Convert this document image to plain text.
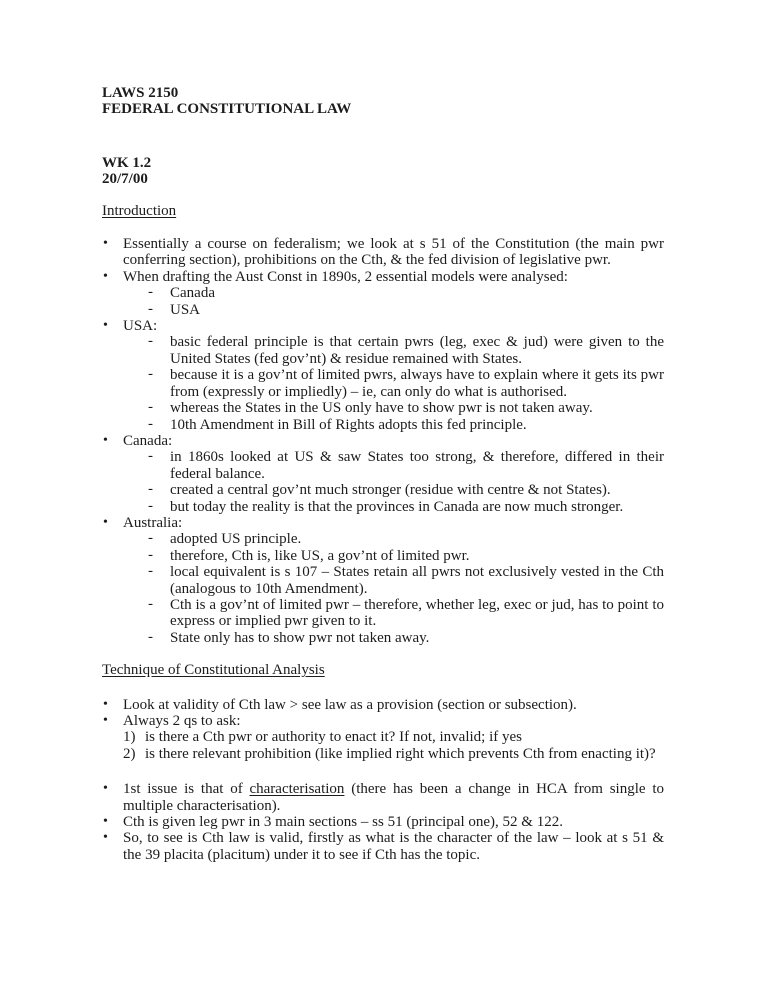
LAWS 2150

FEDERAL CONSTITUTIONAL LAW

WK 1.2

20/7/00

Introduction

• Essentially a course on federalism; we look at s 51 of the Constitution (the main pwr conferring section), prohibitions on the Cth, & the fed division of legislative pwr.
• When drafting the Aust Const in 1890s, 2 essential models were analysed:
- Canada
- USA
• USA:
- basic federal principle is that certain pwrs (leg, exec & jud) were given to the United States (fed gov’nt) & residue remained with States.
- because it is a gov’nt of limited pwrs, always have to explain where it gets its pwr from (expressly or impliedly) – ie, can only do what is authorised.
- whereas the States in the US only have to show pwr is not taken away.
- 10th Amendment in Bill of Rights adopts this fed principle.
• Canada:
- in 1860s looked at US & saw States too strong, & therefore, differed in their federal balance.
- created a central gov’nt much stronger (residue with centre & not States).
- but today the reality is that the provinces in Canada are now much stronger.
• Australia:
- adopted US principle.
- therefore, Cth is, like US, a gov’nt of limited pwr.
- local equivalent is s 107 – States retain all pwrs not exclusively vested in the Cth (analogous to 10th Amendment).
- Cth is a gov’nt of limited pwr – therefore, whether leg, exec or jud, has to point to express or implied pwr given to it.
- State only has to show pwr not taken away.

Technique of Constitutional Analysis

• Look at validity of Cth law > see law as a provision (section or subsection).
• Always 2 qs to ask:
1) is there a Cth pwr or authority to enact it? If not, invalid; if yes
2) is there relevant prohibition (like implied right which prevents Cth from enacting it)?
• 1st issue is that of characterisation (there has been a change in HCA from single to multiple characterisation).
• Cth is given leg pwr in 3 main sections – ss 51 (principal one), 52 & 122.
• So, to see is Cth law is valid, firstly as what is the character of the law – look at s 51 & the 39 placita (placitum) under it to see if Cth has the topic.
